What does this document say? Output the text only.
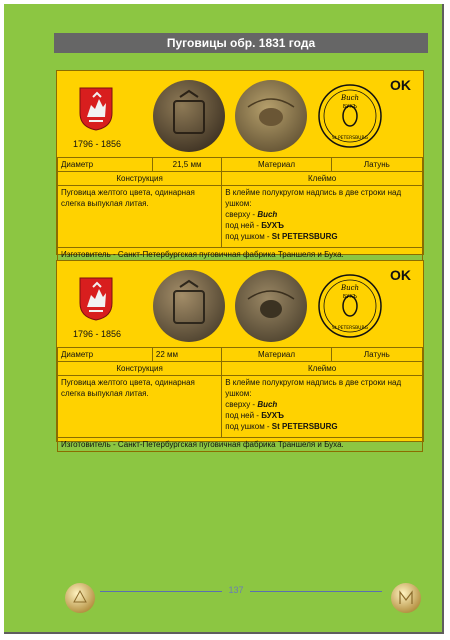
Пуговицы обр. 1831 года
1796 - 1856
Buch
БУХЪ
St PETERSBURG
OK
Диаметр	21,5 мм	Материал	Латунь
Конструкция		Клеймо	
Пуговица желтого цвета, одинарная слегка выпуклая литая.		В клейме полукругом надпись в две строки над ушком:
сверху - Buch
под ней - БУХЪ
под ушком - St PETERSBURG	

Изготовитель - Санкт-Петербургская пуговичная фабрика Траншеля и Буха.			
1796 - 1856
Buch
БУХЪ
St PETERSBURG
OK
Диаметр	22 мм	Материал	Латунь
Конструкция		Клеймо	
Пуговица желтого цвета, одинарная слегка выпуклая литая.		В клейме полукругом надпись в две строки над ушком:
сверху - Buch
под ней - БУХЪ
под ушком - St PETERSBURG	

Изготовитель - Санкт-Петербургская пуговичная фабрика Траншеля и Буха.			
137
